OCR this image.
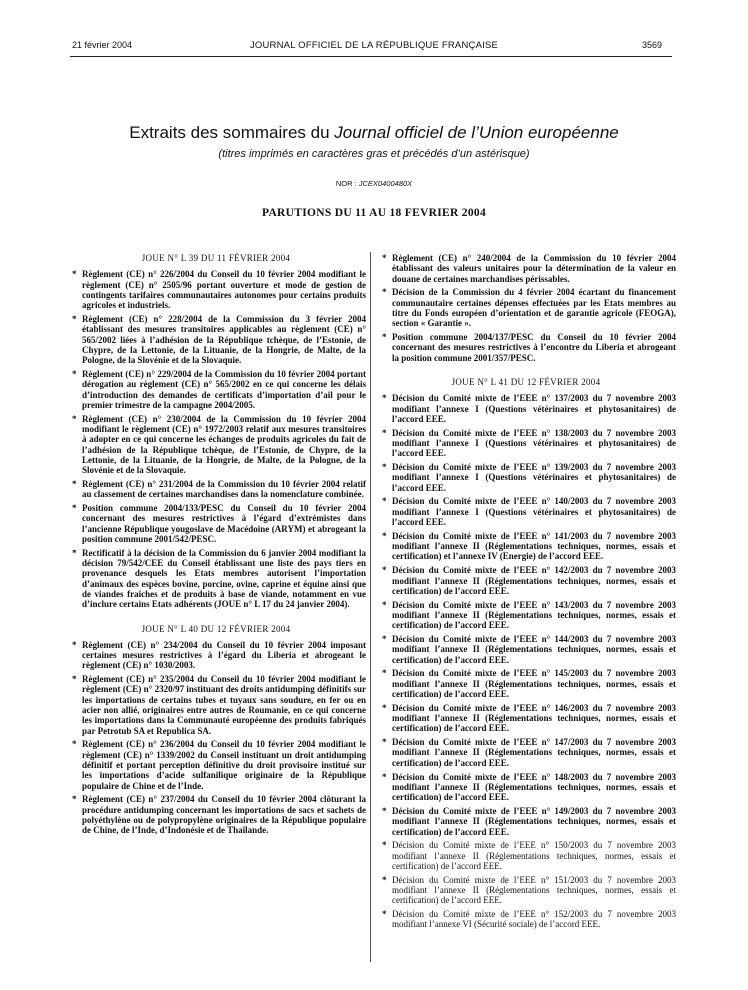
21 février 2004	JOURNAL OFFICIEL DE LA RÉPUBLIQUE FRANÇAISE	3569
Extraits des sommaires du Journal officiel de l’Union européenne
(titres imprimés en caractères gras et précédés d’un astérisque)
NOR : JCEX0400480X
PARUTIONS DU 11 AU 18 FEVRIER 2004
JOUE N° L 39 DU 11 FÉVRIER 2004
* Règlement (CE) n° 226/2004 du Conseil du 10 février 2004 modifiant le règlement (CE) n° 2505/96 portant ouverture et mode de gestion de contingents tarifaires communautaires autonomes pour certains produits agricoles et industriels.
* Règlement (CE) n° 228/2004 de la Commission du 3 février 2004 établissant des mesures transitoires applicables au règlement (CE) n° 565/2002 liées à l’adhésion de la République tchèque, de l’Estonie, de Chypre, de la Lettonie, de la Lituanie, de la Hongrie, de Malte, de la Pologne, de la Slovénie et de la Slovaquie.
* Règlement (CE) n° 229/2004 de la Commission du 10 février 2004 portant dérogation au règlement (CE) n° 565/2002 en ce qui concerne les délais d’introduction des demandes de certificats d’importation d’ail pour le premier trimestre de la campagne 2004/2005.
* Règlement (CE) n° 230/2004 de la Commission du 10 février 2004 modifiant le règlement (CE) n° 1972/2003 relatif aux mesures transitoires à adopter en ce qui concerne les échanges de produits agricoles du fait de l’adhésion de la République tchèque, de l’Estonie, de Chypre, de la Lettonie, de la Lituanie, de la Hongrie, de Malte, de la Pologne, de la Slovénie et de la Slovaquie.
* Règlement (CE) n° 231/2004 de la Commission du 10 février 2004 relatif au classement de certaines marchandises dans la nomenclature combinée.
* Position commune 2004/133/PESC du Conseil du 10 février 2004 concernant des mesures restrictives à l’égard d’extrémistes dans l’ancienne République yougoslave de Macédoine (ARYM) et abrogeant la position commune 2001/542/PESC.
* Rectificatif à la décision de la Commission du 6 janvier 2004 modifiant la décision 79/542/CEE du Conseil établissant une liste des pays tiers en provenance desquels les Etats membres autorisent l’importation d’animaux des espèces bovine, porcine, ovine, caprine et équine ainsi que de viandes fraîches et de produits à base de viande, notamment en vue d’inclure certains Etats adhérents (JOUE n° L 17 du 24 janvier 2004).
JOUE N° L 40 DU 12 FÉVRIER 2004
* Règlement (CE) n° 234/2004 du Conseil du 10 février 2004 imposant certaines mesures restrictives à l’égard du Liberia et abrogeant le règlement (CE) n° 1030/2003.
* Règlement (CE) n° 235/2004 du Conseil du 10 février 2004 modifiant le règlement (CE) n° 2320/97 instituant des droits antidumping définitifs sur les importations de certains tubes et tuyaux sans soudure, en fer ou en acier non allié, originaires entre autres de Roumanie, en ce qui concerne les importations dans la Communauté européenne des produits fabriqués par Petrotub SA et Republica SA.
* Règlement (CE) n° 236/2004 du Conseil du 10 février 2004 modifiant le règlement (CE) n° 1339/2002 du Conseil instituant un droit antidumping définitif et portant perception définitive du droit provisoire institué sur les importations d’acide sulfanilique originaire de la République populaire de Chine et de l’Inde.
* Règlement (CE) n° 237/2004 du Conseil du 10 février 2004 clôturant la procédure antidumping concernant les importations de sacs et sachets de polyéthylène ou de polypropylène originaires de la République populaire de Chine, de l’Inde, d’Indonésie et de Thaïlande.
* Règlement (CE) n° 240/2004 de la Commission du 10 février 2004 établissant des valeurs unitaires pour la détermination de la valeur en douane de certaines marchandises périssables.
* Décision de la Commission du 4 février 2004 écartant du financement communautaire certaines dépenses effectuées par les Etats membres au titre du Fonds européen d’orientation et de garantie agricole (FEOGA), section « Garantie ».
* Position commune 2004/137/PESC du Conseil du 10 février 2004 concernant des mesures restrictives à l’encontre du Liberia et abrogeant la position commune 2001/357/PESC.
JOUE N° L 41 DU 12 FÉVRIER 2004
* Décision du Comité mixte de l’EEE n° 137/2003 du 7 novembre 2003 modifiant l’annexe I (Questions vétérinaires et phytosanitaires) de l’accord EEE.
* Décision du Comité mixte de l’EEE n° 138/2003 du 7 novembre 2003 modifiant l’annexe I (Questions vétérinaires et phytosanitaires) de l’accord EEE.
* Décision du Comité mixte de l’EEE n° 139/2003 du 7 novembre 2003 modifiant l’annexe I (Questions vétérinaires et phytosanitaires) de l’accord EEE.
* Décision du Comité mixte de l’EEE n° 140/2003 du 7 novembre 2003 modifiant l’annexe I (Questions vétérinaires et phytosanitaires) de l’accord EEE.
* Décision du Comité mixte de l’EEE n° 141/2003 du 7 novembre 2003 modifiant l’annexe II (Réglementations techniques, normes, essais et certification) et l’annexe IV (Energie) de l’accord EEE.
* Décision du Comité mixte de l’EEE n° 142/2003 du 7 novembre 2003 modifiant l’annexe II (Réglementations techniques, normes, essais et certification) de l’accord EEE.
* Décision du Comité mixte de l’EEE n° 143/2003 du 7 novembre 2003 modifiant l’annexe II (Réglementations techniques, normes, essais et certification) de l’accord EEE.
* Décision du Comité mixte de l’EEE n° 144/2003 du 7 novembre 2003 modifiant l’annexe II (Réglementations techniques, normes, essais et certification) de l’accord EEE.
* Décision du Comité mixte de l’EEE n° 145/2003 du 7 novembre 2003 modifiant l’annexe II (Réglementations techniques, normes, essais et certification) de l’accord EEE.
* Décision du Comité mixte de l’EEE n° 146/2003 du 7 novembre 2003 modifiant l’annexe II (Réglementations techniques, normes, essais et certification) de l’accord EEE.
* Décision du Comité mixte de l’EEE n° 147/2003 du 7 novembre 2003 modifiant l’annexe II (Réglementations techniques, normes, essais et certification) de l’accord EEE.
* Décision du Comité mixte de l’EEE n° 148/2003 du 7 novembre 2003 modifiant l’annexe II (Réglementations techniques, normes, essais et certification) de l’accord EEE.
* Décision du Comité mixte de l’EEE n° 149/2003 du 7 novembre 2003 modifiant l’annexe II (Réglementations techniques, normes, essais et certification) de l’accord EEE.
* Décision du Comité mixte de l’EEE n° 150/2003 du 7 novembre 2003 modifiant l’annexe II (Réglementations techniques, normes, essais et certification) de l’accord EEE.
* Décision du Comité mixte de l’EEE n° 151/2003 du 7 novembre 2003 modifiant l’annexe II (Réglementations techniques, normes, essais et certification) de l’accord EEE.
* Décision du Comité mixte de l’EEE n° 152/2003 du 7 novembre 2003 modifiant l’annexe VI (Sécurité sociale) de l’accord EEE.
